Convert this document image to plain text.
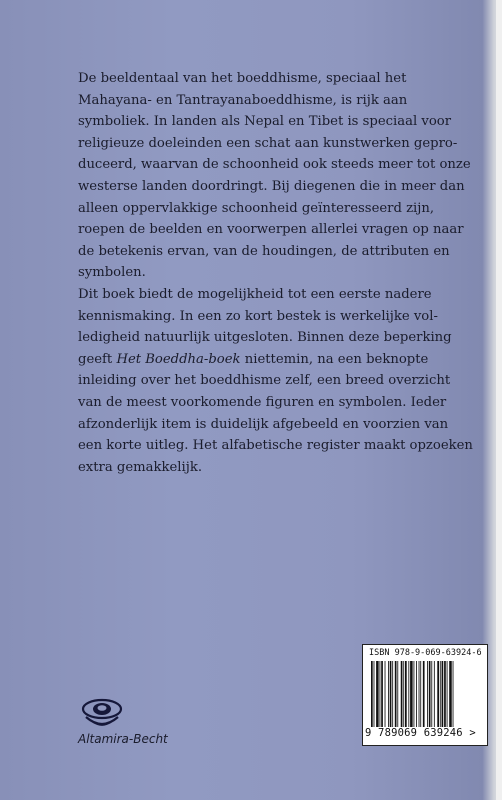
De beeldentaal van het boeddhisme, speciaal het
Mahayana- en Tantrayanaboeddhisme, is rijk aan
symboliek. In landen als Nepal en Tibet is speciaal voor
religieuze doeleinden een schat aan kunstwerken gepro-
duceerd, waarvan de schoonheid ook steeds meer tot onze
westerse landen doordringt. Bij diegenen die in meer dan
alleen oppervlakkige schoonheid geïnteresseerd zijn,
roepen de beelden en voorwerpen allerlei vragen op naar
de betekenis ervan, van de houdingen, de attributen en
symbolen.
Dit boek biedt de mogelijkheid tot een eerste nadere
kennismaking. In een zo kort bestek is werkelijke vol-
ledigheid natuurlijk uitgesloten. Binnen deze beperking
geeft Het Boeddha-boek niettemin, na een beknopte
inleiding over het boeddhisme zelf, een breed overzicht
van de meest voorkomende figuren en symbolen. Ieder
afzonderlijk item is duidelijk afgebeeld en voorzien van
een korte uitleg. Het alfabetische register maakt opzoeken
extra gemakkelijk.
ISBN 978-9-069-63924-6
9 789069 639246 >
Altamira-Becht
